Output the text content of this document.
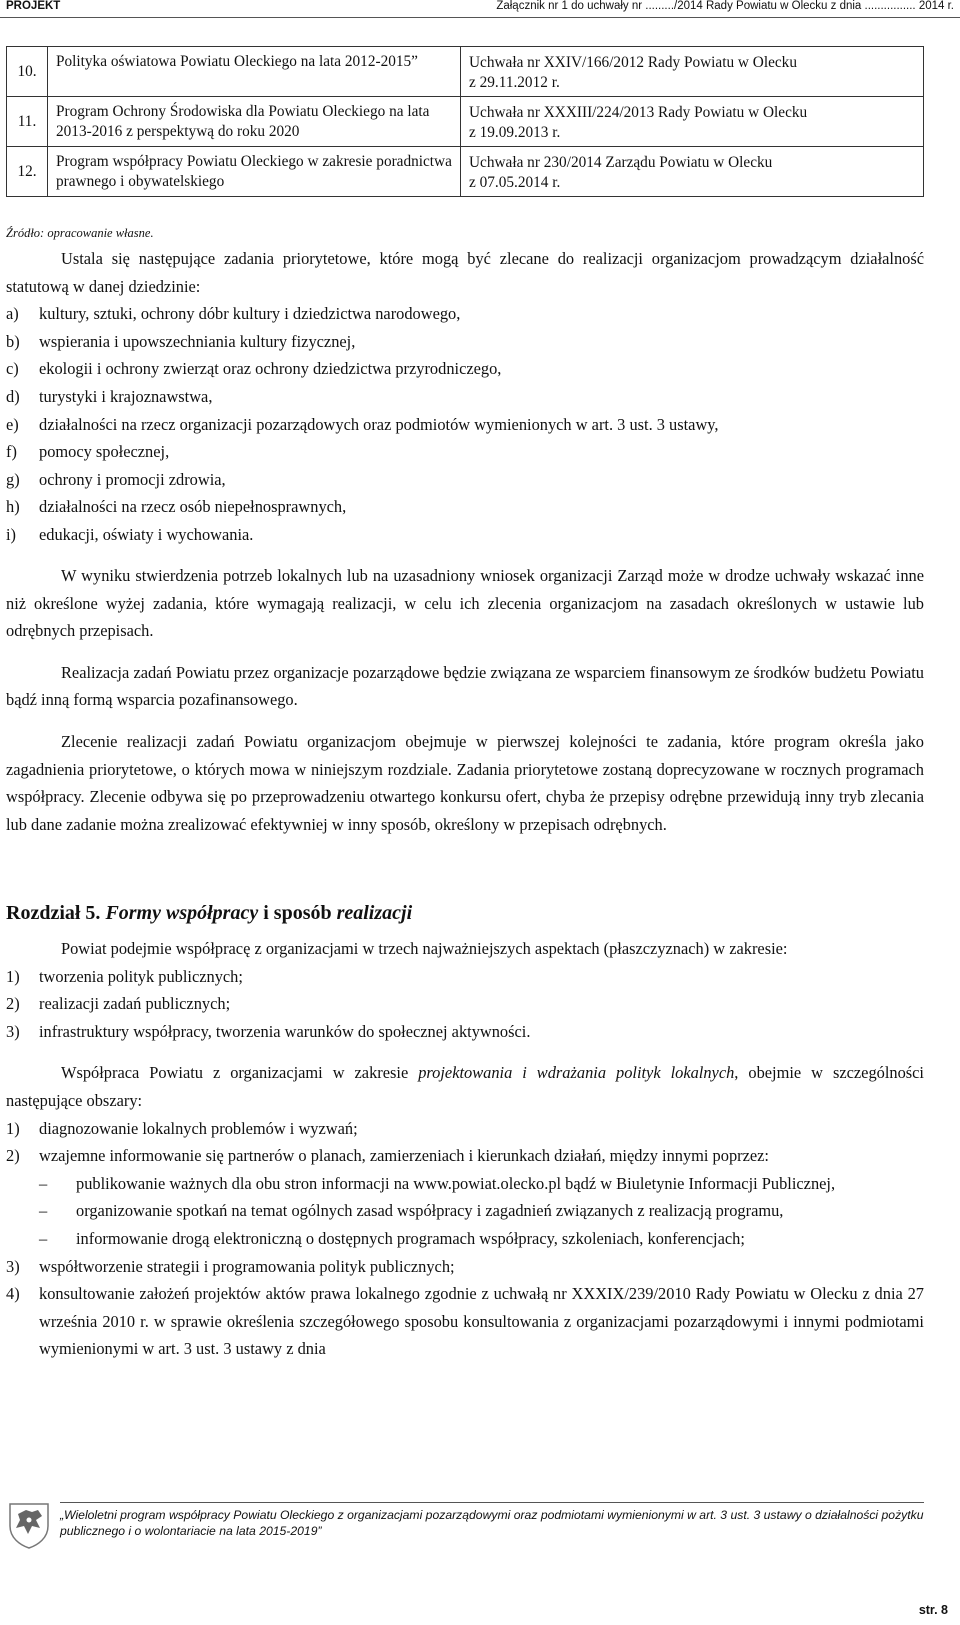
PROJEKT	Załącznik nr 1 do uchwały nr ........./2014 Rady Powiatu w Olecku z dnia ................ 2014 r.
10.	Polityka oświatowa Powiatu Oleckiego na lata 2012-2015”	Uchwała nr XXIV/166/2012 Rady Powiatu w Olecku
z 29.11.2012 r.

11.	Program Ochrony Środowiska dla Powiatu Oleckiego na lata 2013-2016 z perspektywą do roku 2020	Uchwała nr XXXIII/224/2013 Rady Powiatu w Olecku
z 19.09.2013 r.

12.	Program współpracy Powiatu Oleckiego w zakresie poradnictwa prawnego i obywatelskiego	Uchwała nr 230/2014 Zarządu Powiatu w Olecku
z 07.05.2014 r.
Źródło: opracowanie własne.

Ustala się następujące zadania priorytetowe, które mogą być zlecane do realizacji organizacjom prowadzącym działalność statutową w danej dziedzinie:

a) kultury, sztuki, ochrony dóbr kultury i dziedzictwa narodowego,
b) wspierania i upowszechniania kultury fizycznej,
c) ekologii i ochrony zwierząt oraz ochrony dziedzictwa przyrodniczego,
d) turystyki i krajoznawstwa,
e) działalności na rzecz organizacji pozarządowych oraz podmiotów wymienionych w art. 3 ust. 3 ustawy,
f) pomocy społecznej,
g) ochrony i promocji zdrowia,
h) działalności na rzecz osób niepełnosprawnych,
i) edukacji, oświaty i wychowania.

W wyniku stwierdzenia potrzeb lokalnych lub na uzasadniony wniosek organizacji Zarząd może w drodze uchwały wskazać inne niż określone wyżej zadania, które wymagają realizacji, w celu ich zlecenia organizacjom na zasadach określonych w ustawie lub odrębnych przepisach.

Realizacja zadań Powiatu przez organizacje pozarządowe będzie związana ze wsparciem finansowym ze środków budżetu Powiatu bądź inną formą wsparcia pozafinansowego.

Zlecenie realizacji zadań Powiatu organizacjom obejmuje w pierwszej kolejności te zadania, które program określa jako zagadnienia priorytetowe, o których mowa w niniejszym rozdziale. Zadania priorytetowe zostaną doprecyzowane w rocznych programach współpracy. Zlecenie odbywa się po przeprowadzeniu otwartego konkursu ofert, chyba że przepisy odrębne przewidują inny tryb zlecania lub dane zadanie można zrealizować efektywniej w inny sposób, określony w przepisach odrębnych.

Rozdział 5. Formy współpracy i sposób realizacji

Powiat podejmie współpracę z organizacjami w trzech najważniejszych aspektach (płaszczyznach) w zakresie:

1) tworzenia polityk publicznych;
2) realizacji zadań publicznych;
3) infrastruktury współpracy, tworzenia warunków do społecznej aktywności.

Współpraca Powiatu z organizacjami w zakresie projektowania i wdrażania polityk lokalnych, obejmie w szczególności następujące obszary:

1) diagnozowanie lokalnych problemów i wyzwań;
2) wzajemne informowanie się partnerów o planach, zamierzeniach i kierunkach działań, między innymi poprzez:
– publikowanie ważnych dla obu stron informacji na www.powiat.olecko.pl bądź w Biuletynie Informacji Publicznej,
– organizowanie spotkań na temat ogólnych zasad współpracy i zagadnień związanych z realizacją programu,
– informowanie drogą elektroniczną o dostępnych programach współpracy, szkoleniach, konferencjach;
3) współtworzenie strategii i programowania polityk publicznych;
4) konsultowanie założeń projektów aktów prawa lokalnego zgodnie z uchwałą nr XXXIX/239/2010 Rady Powiatu w Olecku z dnia 27 września 2010 r. w sprawie określenia szczegółowego sposobu konsultowania z organizacjami pozarządowymi i innymi podmiotami wymienionymi w art. 3 ust. 3 ustawy z dnia
„Wieloletni program współpracy Powiatu Oleckiego z organizacjami pozarządowymi oraz podmiotami wymienionymi w art. 3 ust. 3 ustawy o działalności pożytku publicznego i o wolontariacie na lata 2015-2019”
str. 8
